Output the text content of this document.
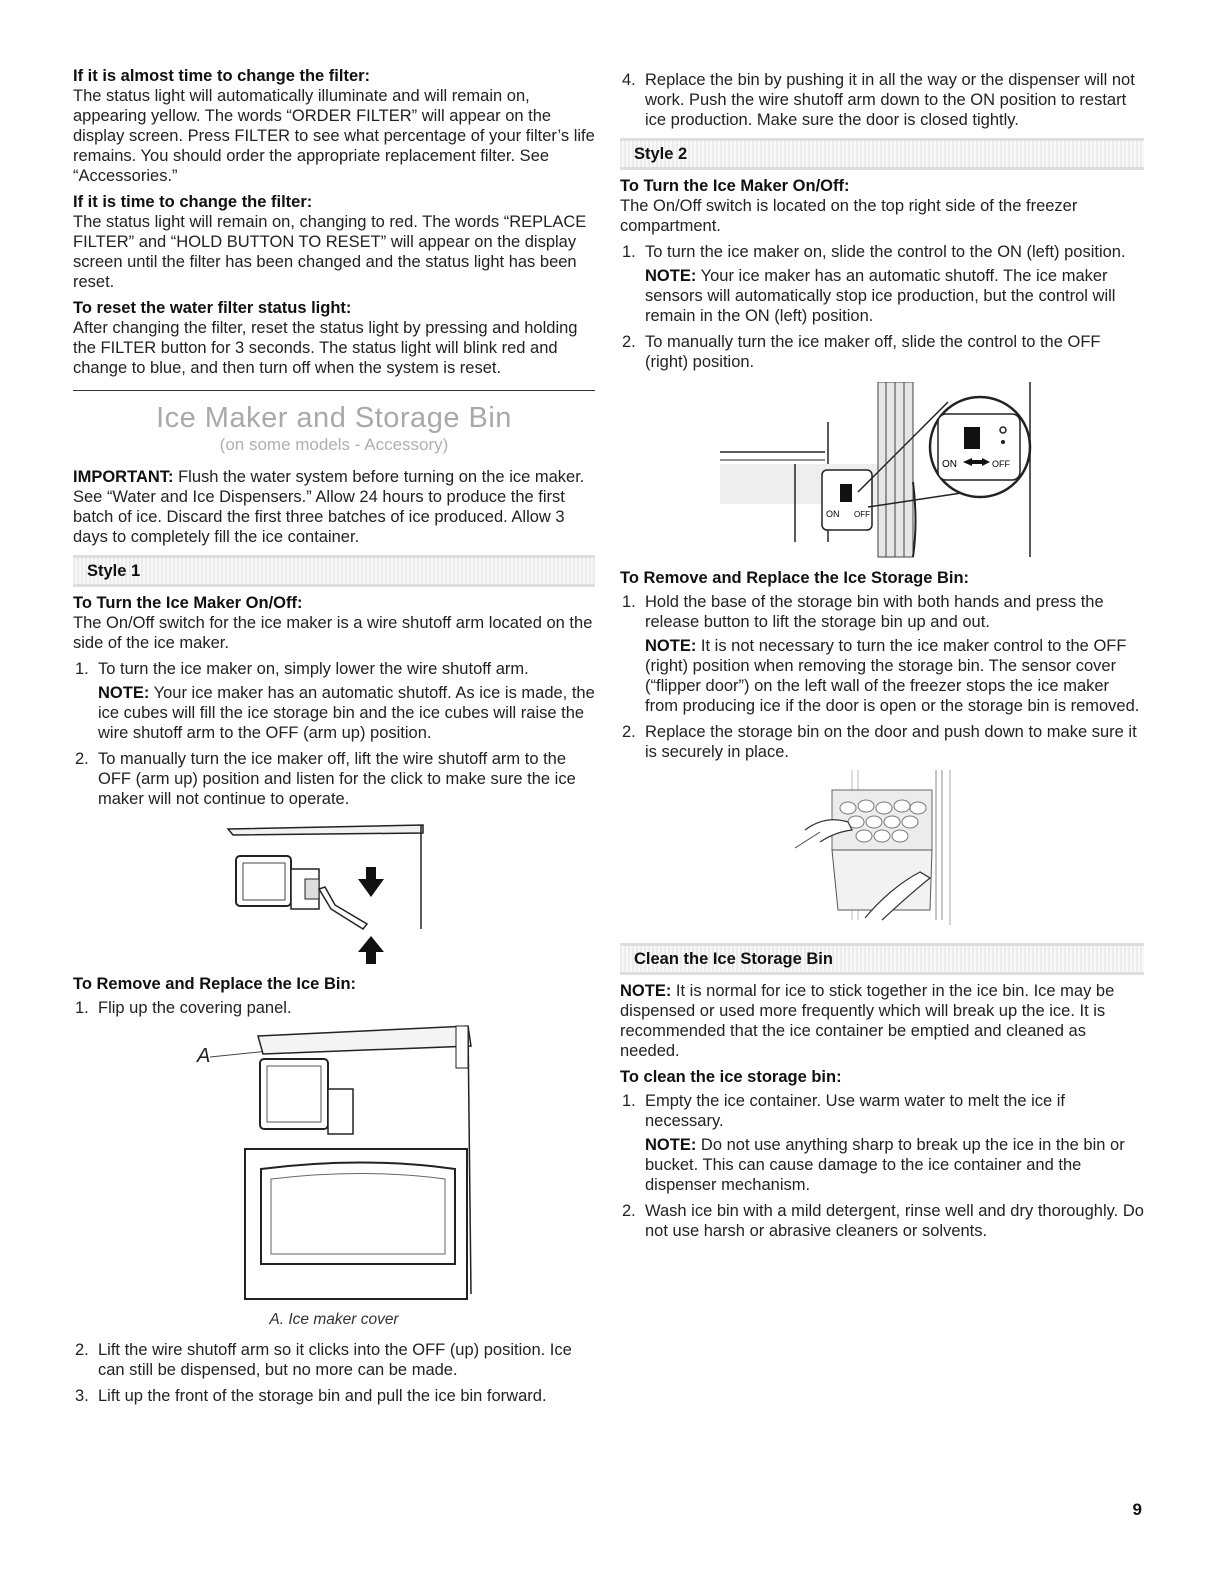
If it is almost time to change the filter:

The status light will automatically illuminate and will remain on, appearing yellow. The words “ORDER FILTER” will appear on the display screen. Press FILTER to see what percentage of your filter’s life remains. You should order the appropriate replacement filter. See “Accessories.”

If it is time to change the filter:

The status light will remain on, changing to red. The words “REPLACE FILTER” and “HOLD BUTTON TO RESET” will appear on the display screen until the filter has been changed and the status light has been reset.

To reset the water filter status light:

After changing the filter, reset the status light by pressing and holding the FILTER button for 3 seconds. The status light will blink red and change to blue, and then turn off when the system is reset.

Ice Maker and Storage Bin
(on some models - Accessory)

IMPORTANT: Flush the water system before turning on the ice maker. See “Water and Ice Dispensers.” Allow 24 hours to produce the first batch of ice. Discard the first three batches of ice produced. Allow 3 days to completely fill the ice container.

Style 1

To Turn the Ice Maker On/Off:

The On/Off switch for the ice maker is a wire shutoff arm located on the side of the ice maker.

1. To turn the ice maker on, simply lower the wire shutoff arm.

NOTE: Your ice maker has an automatic shutoff. As ice is made, the ice cubes will fill the ice storage bin and the ice cubes will raise the wire shutoff arm to the OFF (arm up) position.

2. To manually turn the ice maker off, lift the wire shutoff arm to the OFF (arm up) position and listen for the click to make sure the ice maker will not continue to operate.

To Remove and Replace the Ice Bin:

1. Flip up the covering panel.
A

A. Ice maker cover

2. Lift the wire shutoff arm so it clicks into the OFF (up) position. Ice can still be dispensed, but no more can be made.
3. Lift up the front of the storage bin and pull the ice bin forward.
4. Replace the bin by pushing it in all the way or the dispenser will not work. Push the wire shutoff arm down to the ON position to restart ice production. Make sure the door is closed tightly.
Style 2

To Turn the Ice Maker On/Off:

The On/Off switch is located on the top right side of the freezer compartment.

1. To turn the ice maker on, slide the control to the ON (left) position.

NOTE: Your ice maker has an automatic shutoff. The ice maker sensors will automatically stop ice production, but the control will remain in the ON (left) position.

2. To manually turn the ice maker off, slide the control to the OFF (right) position.
ON OFF
ON	OFF

To Remove and Replace the Ice Storage Bin:

1. Hold the base of the storage bin with both hands and press the release button to lift the storage bin up and out.

NOTE: It is not necessary to turn the ice maker control to the OFF (right) position when removing the storage bin. The sensor cover (“flipper door”) on the left wall of the freezer stops the ice maker from producing ice if the door is open or the storage bin is removed.

2. Replace the storage bin on the door and push down to make sure it is securely in place.
Clean the Ice Storage Bin

NOTE: It is normal for ice to stick together in the ice bin. Ice may be dispensed or used more frequently which will break up the ice. It is recommended that the ice container be emptied and cleaned as needed.

To clean the ice storage bin:

1. Empty the ice container. Use warm water to melt the ice if necessary.

NOTE: Do not use anything sharp to break up the ice in the bin or bucket. This can cause damage to the ice container and the dispenser mechanism.

2. Wash ice bin with a mild detergent, rinse well and dry thoroughly. Do not use harsh or abrasive cleaners or solvents.
9
